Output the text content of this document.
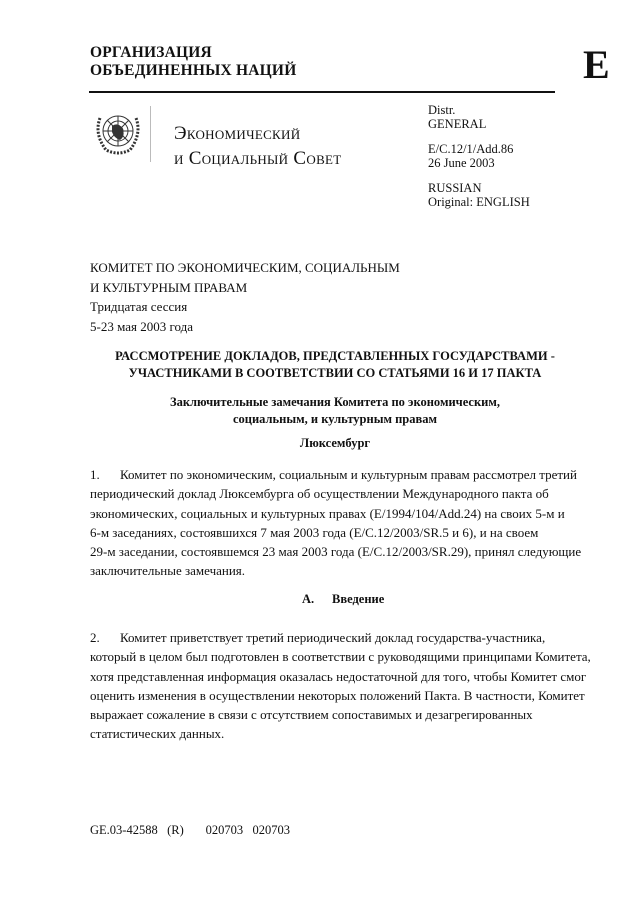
ОРГАНИЗАЦИЯ
ОБЪЕДИНЕННЫХ НАЦИЙ	E
Экономический
и Социальный Совет
Distr.
GENERAL
E/C.12/1/Add.86
26 June 2003
RUSSIAN
Original: ENGLISH
КОМИТЕТ ПО ЭКОНОМИЧЕСКИМ, СОЦИАЛЬНЫМ
И КУЛЬТУРНЫМ ПРАВАМ
Тридцатая сессия
5-23 мая 2003 года
РАССМОТРЕНИЕ ДОКЛАДОВ, ПРЕДСТАВЛЕННЫХ ГОСУДАРСТВАМИ -
УЧАСТНИКАМИ В СООТВЕТСТВИИ СО СТАТЬЯМИ 16 И 17 ПАКТА
Заключительные замечания Комитета по экономическим,
социальным, и культурным правам
Люксембург
1. Комитет по экономическим, социальным и культурным правам рассмотрел третий
периодический доклад Люксембурга об осуществлении Международного пакта об
экономических, социальных и культурных правах (E/1994/104/Add.24) на своих 5-м и
6-м заседаниях, состоявшихся 7 мая 2003 года (E/C.12/2003/SR.5 и 6), и на своем
29-м заседании, состоявшемся 23 мая 2003 года (E/C.12/2003/SR.29), принял следующие
заключительные замечания.
A. Введение
2. Комитет приветствует третий периодический доклад государства-участника,
который в целом был подготовлен в соответствии с руководящими принципами Комитета,
хотя представленная информация оказалась недостаточной для того, чтобы Комитет смог
оценить изменения в осуществлении некоторых положений Пакта. В частности, Комитет
выражает сожаление в связи с отсутствием сопоставимых и дезагрегированных
статистических данных.
GE.03-42588 (R) 020703 020703
